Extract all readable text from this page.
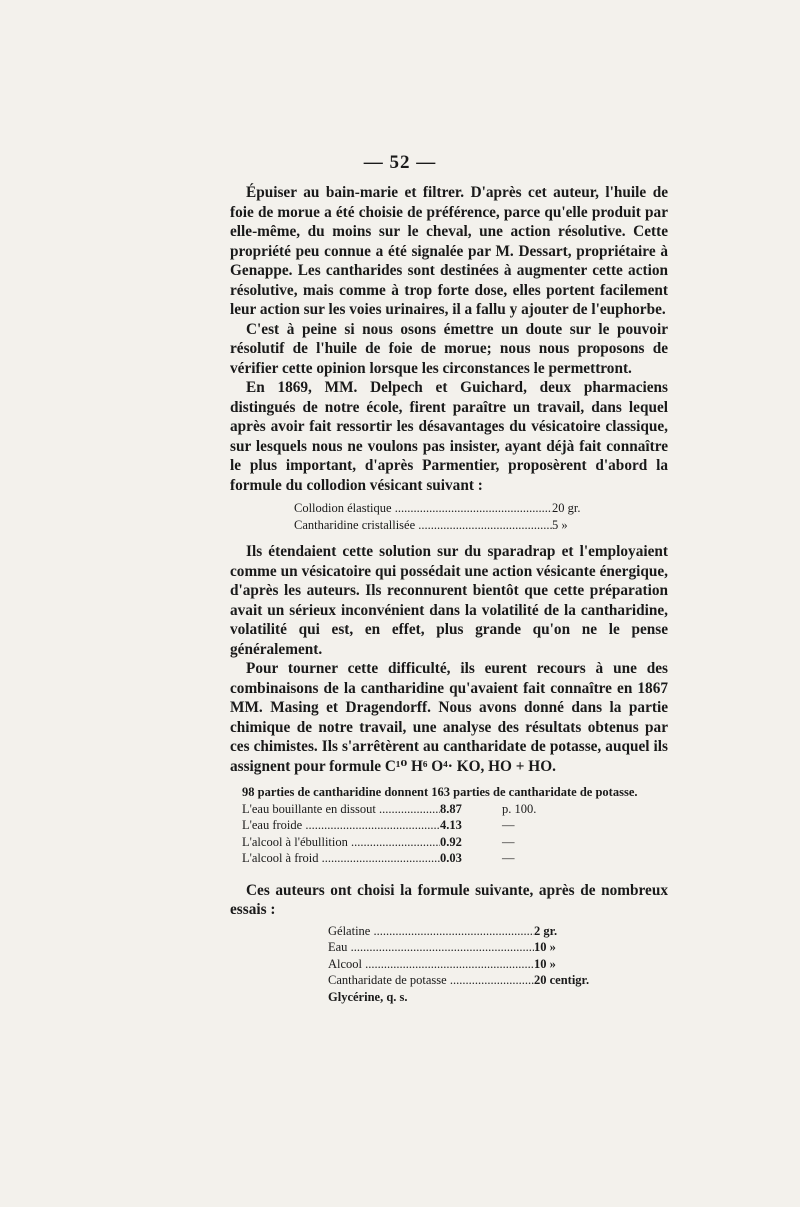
— 52 —

Épuiser au bain-marie et filtrer. D'après cet auteur, l'huile de foie de morue a été choisie de préférence, parce qu'elle produit par elle-même, du moins sur le cheval, une action résolutive. Cette propriété peu connue a été signalée par M. Dessart, propriétaire à Genappe. Les cantharides sont destinées à augmenter cette action résolutive, mais comme à trop forte dose, elles portent facilement leur action sur les voies urinaires, il a fallu y ajouter de l'euphorbe.

C'est à peine si nous osons émettre un doute sur le pouvoir résolutif de l'huile de foie de morue; nous nous proposons de vérifier cette opinion lorsque les circonstances le permettront.

En 1869, MM. Delpech et Guichard, deux pharmaciens distingués de notre école, firent paraître un travail, dans lequel après avoir fait ressortir les désavantages du vésicatoire classique, sur lesquels nous ne voulons pas insister, ayant déjà fait connaître le plus important, d'après Parmentier, proposèrent d'abord la formule du collodion vésicant suivant :

Collodion élastique .....	20 gr.
Cantharidine cristallisée .....	5 »

Ils étendaient cette solution sur du sparadrap et l'employaient comme un vésicatoire qui possédait une action vésicante énergique, d'après les auteurs. Ils reconnurent bientôt que cette préparation avait un sérieux inconvénient dans la volatilité de la cantharidine, volatilité qui est, en effet, plus grande qu'on ne le pense généralement.

Pour tourner cette difficulté, ils eurent recours à une des combinaisons de la cantharidine qu'avaient fait connaître en 1867 MM. Masing et Dragendorff. Nous avons donné dans la partie chimique de notre travail, une analyse des résultats obtenus par ces chimistes. Ils s'arrêtèrent au cantharidate de potasse, auquel ils assignent pour formule C¹⁰ H⁶ O⁴· KO, HO + HO.

98 parties de cantharidine donnent 163 parties de cantharidate de potasse.
L'eau bouillante en dissout .....	8.87	p. 100.
L'eau froide .....	4.13	—
L'alcool à l'ébullition .....	0.92	—
L'alcool à froid .....	0.03	—

Ces auteurs ont choisi la formule suivante, après de nombreux essais :

Gélatine .....	2 gr.
Eau .....	10 »
Alcool .....	10 »
Cantharidate de potasse .....	20 centigr.
Glycérine, q. s.
